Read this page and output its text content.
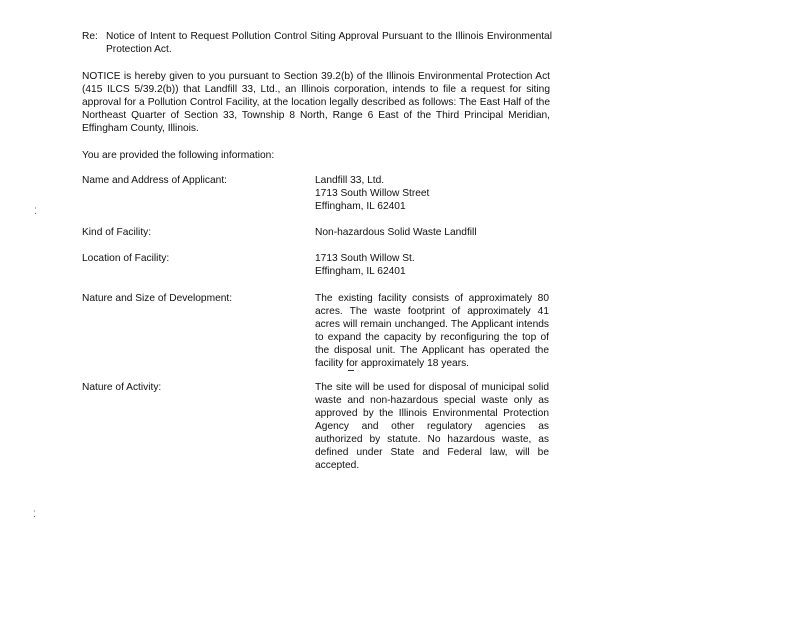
Re: Notice of Intent to Request Pollution Control Siting Approval Pursuant to the Illinois Environmental Protection Act.
NOTICE is hereby given to you pursuant to Section 39.2(b) of the Illinois Environmental Protection Act (415 ILCS 5/39.2(b)) that Landfill 33, Ltd., an Illinois corporation, intends to file a request for siting approval for a Pollution Control Facility, at the location legally described as follows: The East Half of the Northeast Quarter of Section 33, Township 8 North, Range 6 East of the Third Principal Meridian, Effingham County, Illinois.
You are provided the following information:
Name and Address of Applicant:	Landfill 33, Ltd.
1713 South Willow Street
Effingham, IL 62401
Kind of Facility:	Non-hazardous Solid Waste Landfill
Location of Facility:	1713 South Willow St.
Effingham, IL 62401
Nature and Size of Development:	The existing facility consists of approximately 80 acres. The waste footprint of approximately 41 acres will remain unchanged. The Applicant intends to expand the capacity by reconfiguring the top of the disposal unit. The Applicant has operated the facility for approximately 18 years.
Nature of Activity:	The site will be used for disposal of municipal solid waste and non-hazardous special waste only as approved by the Illinois Environmental Protection Agency and other regulatory agencies as authorized by statute. No hazardous waste, as defined under State and Federal law, will be accepted.
⁚
⁚
